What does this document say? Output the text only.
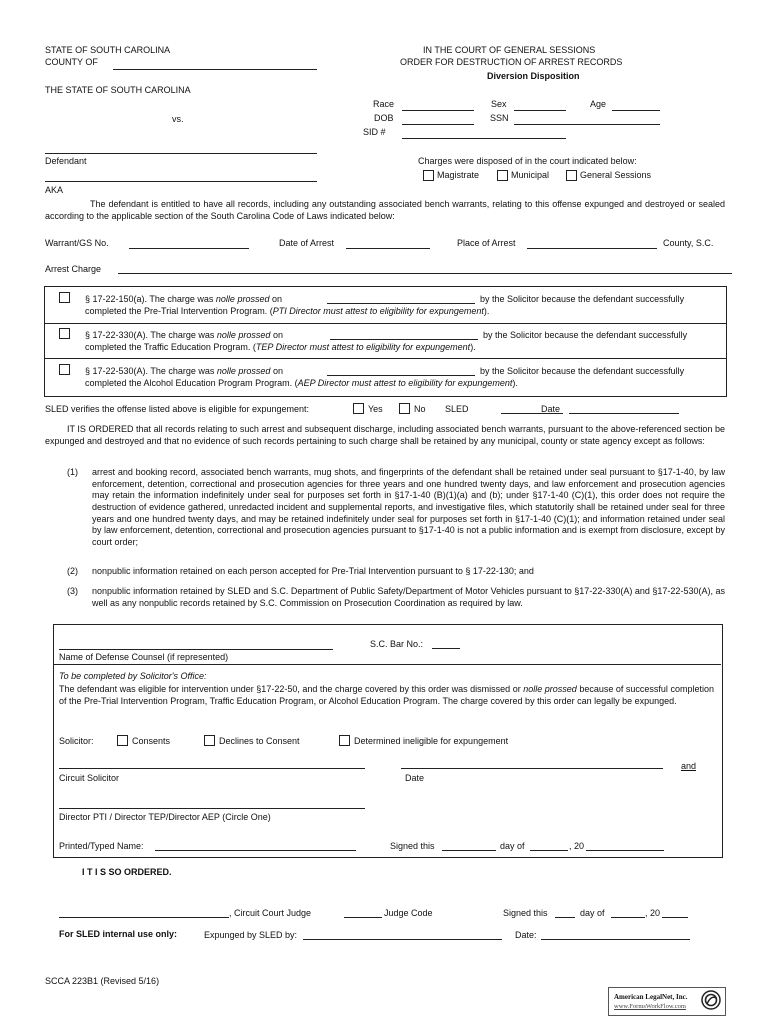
STATE OF SOUTH CAROLINA
COUNTY OF
IN THE COURT OF GENERAL SESSIONS
ORDER FOR DESTRUCTION OF ARREST RECORDS
Diversion Disposition
THE STATE OF SOUTH CAROLINA
vs.
Race	Sex	Age
DOB	SSN
SID #
Defendant	Charges were disposed of in the court indicated below:
Magistrate	Municipal	General Sessions
AKA
The defendant is entitled to have all records, including any outstanding associated bench warrants, relating to this offense expunged and destroyed or sealed according to the applicable section of the South Carolina Code of Laws indicated below:
Warrant/GS No.	Date of Arrest	Place of Arrest	County, S.C.
Arrest Charge
§ 17-22-150(a). The charge was nolle prossed on	by the Solicitor because the defendant successfully
completed the Pre-Trial Intervention Program. (PTI Director must attest to eligibility for expungement).
§ 17-22-330(A). The charge was nolle prossed on	by the Solicitor because the defendant successfully
completed the Traffic Education Program. (TEP Director must attest to eligibility for expungement).
§ 17-22-530(A). The charge was nolle prossed on	by the Solicitor because the defendant successfully
completed the Alcohol Education Program Program. (AEP Director must attest to eligibility for expungement).
SLED verifies the offense listed above is eligible for expungement:	Yes	No SLED	Date
IT IS ORDERED that all records relating to such arrest and subsequent discharge, including associated bench warrants, pursuant to the above-referenced section be expunged and destroyed and that no evidence of such records pertaining to such charge shall be retained by any municipal, county or state agency except as follows:
(1) arrest and booking record, associated bench warrants, mug shots, and fingerprints of the defendant shall be retained under seal pursuant to §17-1-40, by law enforcement, detention, correctional and prosecution agencies for three years and one hundred twenty days, and law enforcement and prosecution agencies may retain the information indefinitely under seal for purposes set forth in §17-1-40 (B)(1)(a) and (b); under §17-1-40 (C)(1), this order does not require the destruction of evidence gathered, unredacted incident and supplemental reports, and investigative files, which statutorily shall be retained under seal for three years and one hundred twenty days, and may be retained indefinitely under seal for purposes set forth in §17-1-40 (C)(1); and information retained under seal by law enforcement, detention, correctional and prosecution agencies pursuant to §17-1-40 is not a public information and is exempt from disclosure, except by court order;
(2) nonpublic information retained on each person accepted for Pre-Trial Intervention pursuant to § 17-22-130; and
(3) nonpublic information retained by SLED and S.C. Department of Public Safety/Department of Motor Vehicles pursuant to §17-22-330(A) and §17-22-530(A), as well as any nonpublic records retained by S.C. Commission on Prosecution Coordination as required by law.
S.C. Bar No.:
Name of Defense Counsel (if represented)
To be completed by Solicitor's Office:
The defendant was eligible for intervention under §17-22-50, and the charge covered by this order was dismissed or nolle prossed because of successful completion of the Pre-Trial Intervention Program, Traffic Education Program, or Alcohol Education Program. The charge covered by this order can legally be expunged.
Solicitor:	Consents	Declines to Consent	Determined ineligible for expungement
and
Circuit Solicitor	Date
Director PTI / Director TEP/Director AEP (Circle One)
Printed/Typed Name:	Signed this	day of	, 20
I T I S SO ORDERED.
, Circuit Court Judge	Judge Code	Signed this	day of	, 20
For SLED internal use only:	Expunged by SLED by:	Date:
SCCA 223B1 (Revised 5/16)
American LegalNet, Inc.
www.FormsWorkFlow.com
